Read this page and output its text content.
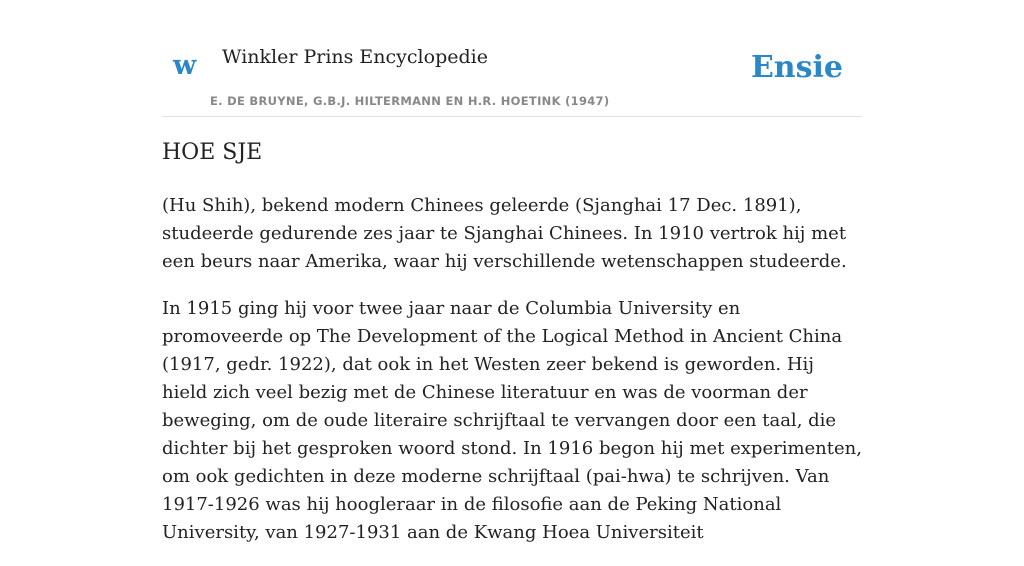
w Winkler Prins Encyclopedie
E. DE BRUYNE, G.B.J. HILTERMANN EN H.R. HOETINK (1947)
Ensie
HOE SJE

(Hu Shih), bekend modern Chinees geleerde (Sjanghai 17 Dec. 1891), studeerde gedurende zes jaar te Sjanghai Chinees. In 1910 vertrok hij met een beurs naar Amerika, waar hij verschillende wetenschappen studeerde.

In 1915 ging hij voor twee jaar naar de Columbia University en promoveerde op The Development of the Logical Method in Ancient China (1917, gedr. 1922), dat ook in het Westen zeer bekend is geworden. Hij hield zich veel bezig met de Chinese literatuur en was de voorman der beweging, om de oude literaire schrijftaal te vervangen door een taal, die dichter bij het gesproken woord stond. In 1916 begon hij met experimenten, om ook gedichten in deze moderne schrijftaal (pai-hwa) te schrijven. Van 1917-1926 was hij hoogleraar in de filosofie aan de Peking National University, van 1927-1931 aan de Kwang Hoea Universiteit
